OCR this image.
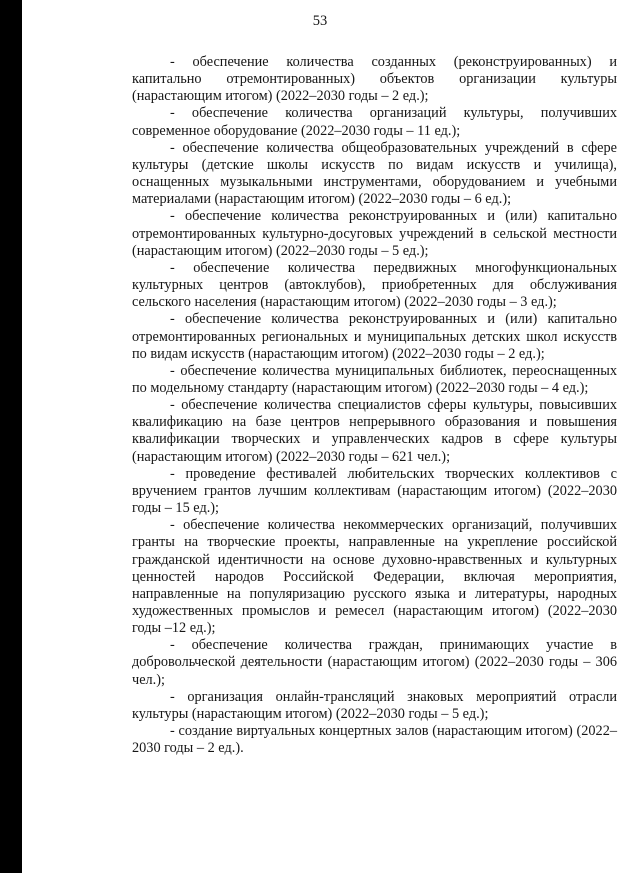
53

- обеспечение количества созданных (реконструированных) и капитально отремонтированных) объектов организации культуры (нарастающим итогом) (2022–2030 годы – 2 ед.);

- обеспечение количества организаций культуры, получивших современное оборудование (2022–2030 годы – 11 ед.);

- обеспечение количества общеобразовательных учреждений в сфере культуры (детские школы искусств по видам искусств и училища), оснащенных музыкальными инструментами, оборудованием и учебными материалами (нарастающим итогом) (2022–2030 годы – 6 ед.);

- обеспечение количества реконструированных и (или) капитально отремонтированных культурно-досуговых учреждений в сельской местности (нарастающим итогом) (2022–2030 годы – 5 ед.);

- обеспечение количества передвижных многофункциональных культурных центров (автоклубов), приобретенных для обслуживания сельского населения (нарастающим итогом) (2022–2030 годы – 3 ед.);

- обеспечение количества реконструированных и (или) капитально отремонтированных региональных и муниципальных детских школ искусств по видам искусств (нарастающим итогом) (2022–2030 годы – 2 ед.);

- обеспечение количества муниципальных библиотек, переоснащенных по модельному стандарту (нарастающим итогом) (2022–2030 годы – 4 ед.);

- обеспечение количества специалистов сферы культуры, повысивших квалификацию на базе центров непрерывного образования и повышения квалификации творческих и управленческих кадров в сфере культуры (нарастающим итогом) (2022–2030 годы – 621 чел.);

- проведение фестивалей любительских творческих коллективов с вручением грантов лучшим коллективам (нарастающим итогом) (2022–2030 годы – 15 ед.);

- обеспечение количества некоммерческих организаций, получивших гранты на творческие проекты, направленные на укрепление российской гражданской идентичности на основе духовно-нравственных и культурных ценностей народов Российской Федерации, включая мероприятия, направленные на популяризацию русского языка и литературы, народных художественных промыслов и ремесел (нарастающим итогом) (2022–2030 годы –12 ед.);

- обеспечение количества граждан, принимающих участие в добровольческой деятельности (нарастающим итогом) (2022–2030 годы – 306 чел.);

- организация онлайн-трансляций знаковых мероприятий отрасли культуры (нарастающим итогом) (2022–2030 годы – 5 ед.);

- создание виртуальных концертных залов (нарастающим итогом) (2022–2030 годы – 2 ед.).
